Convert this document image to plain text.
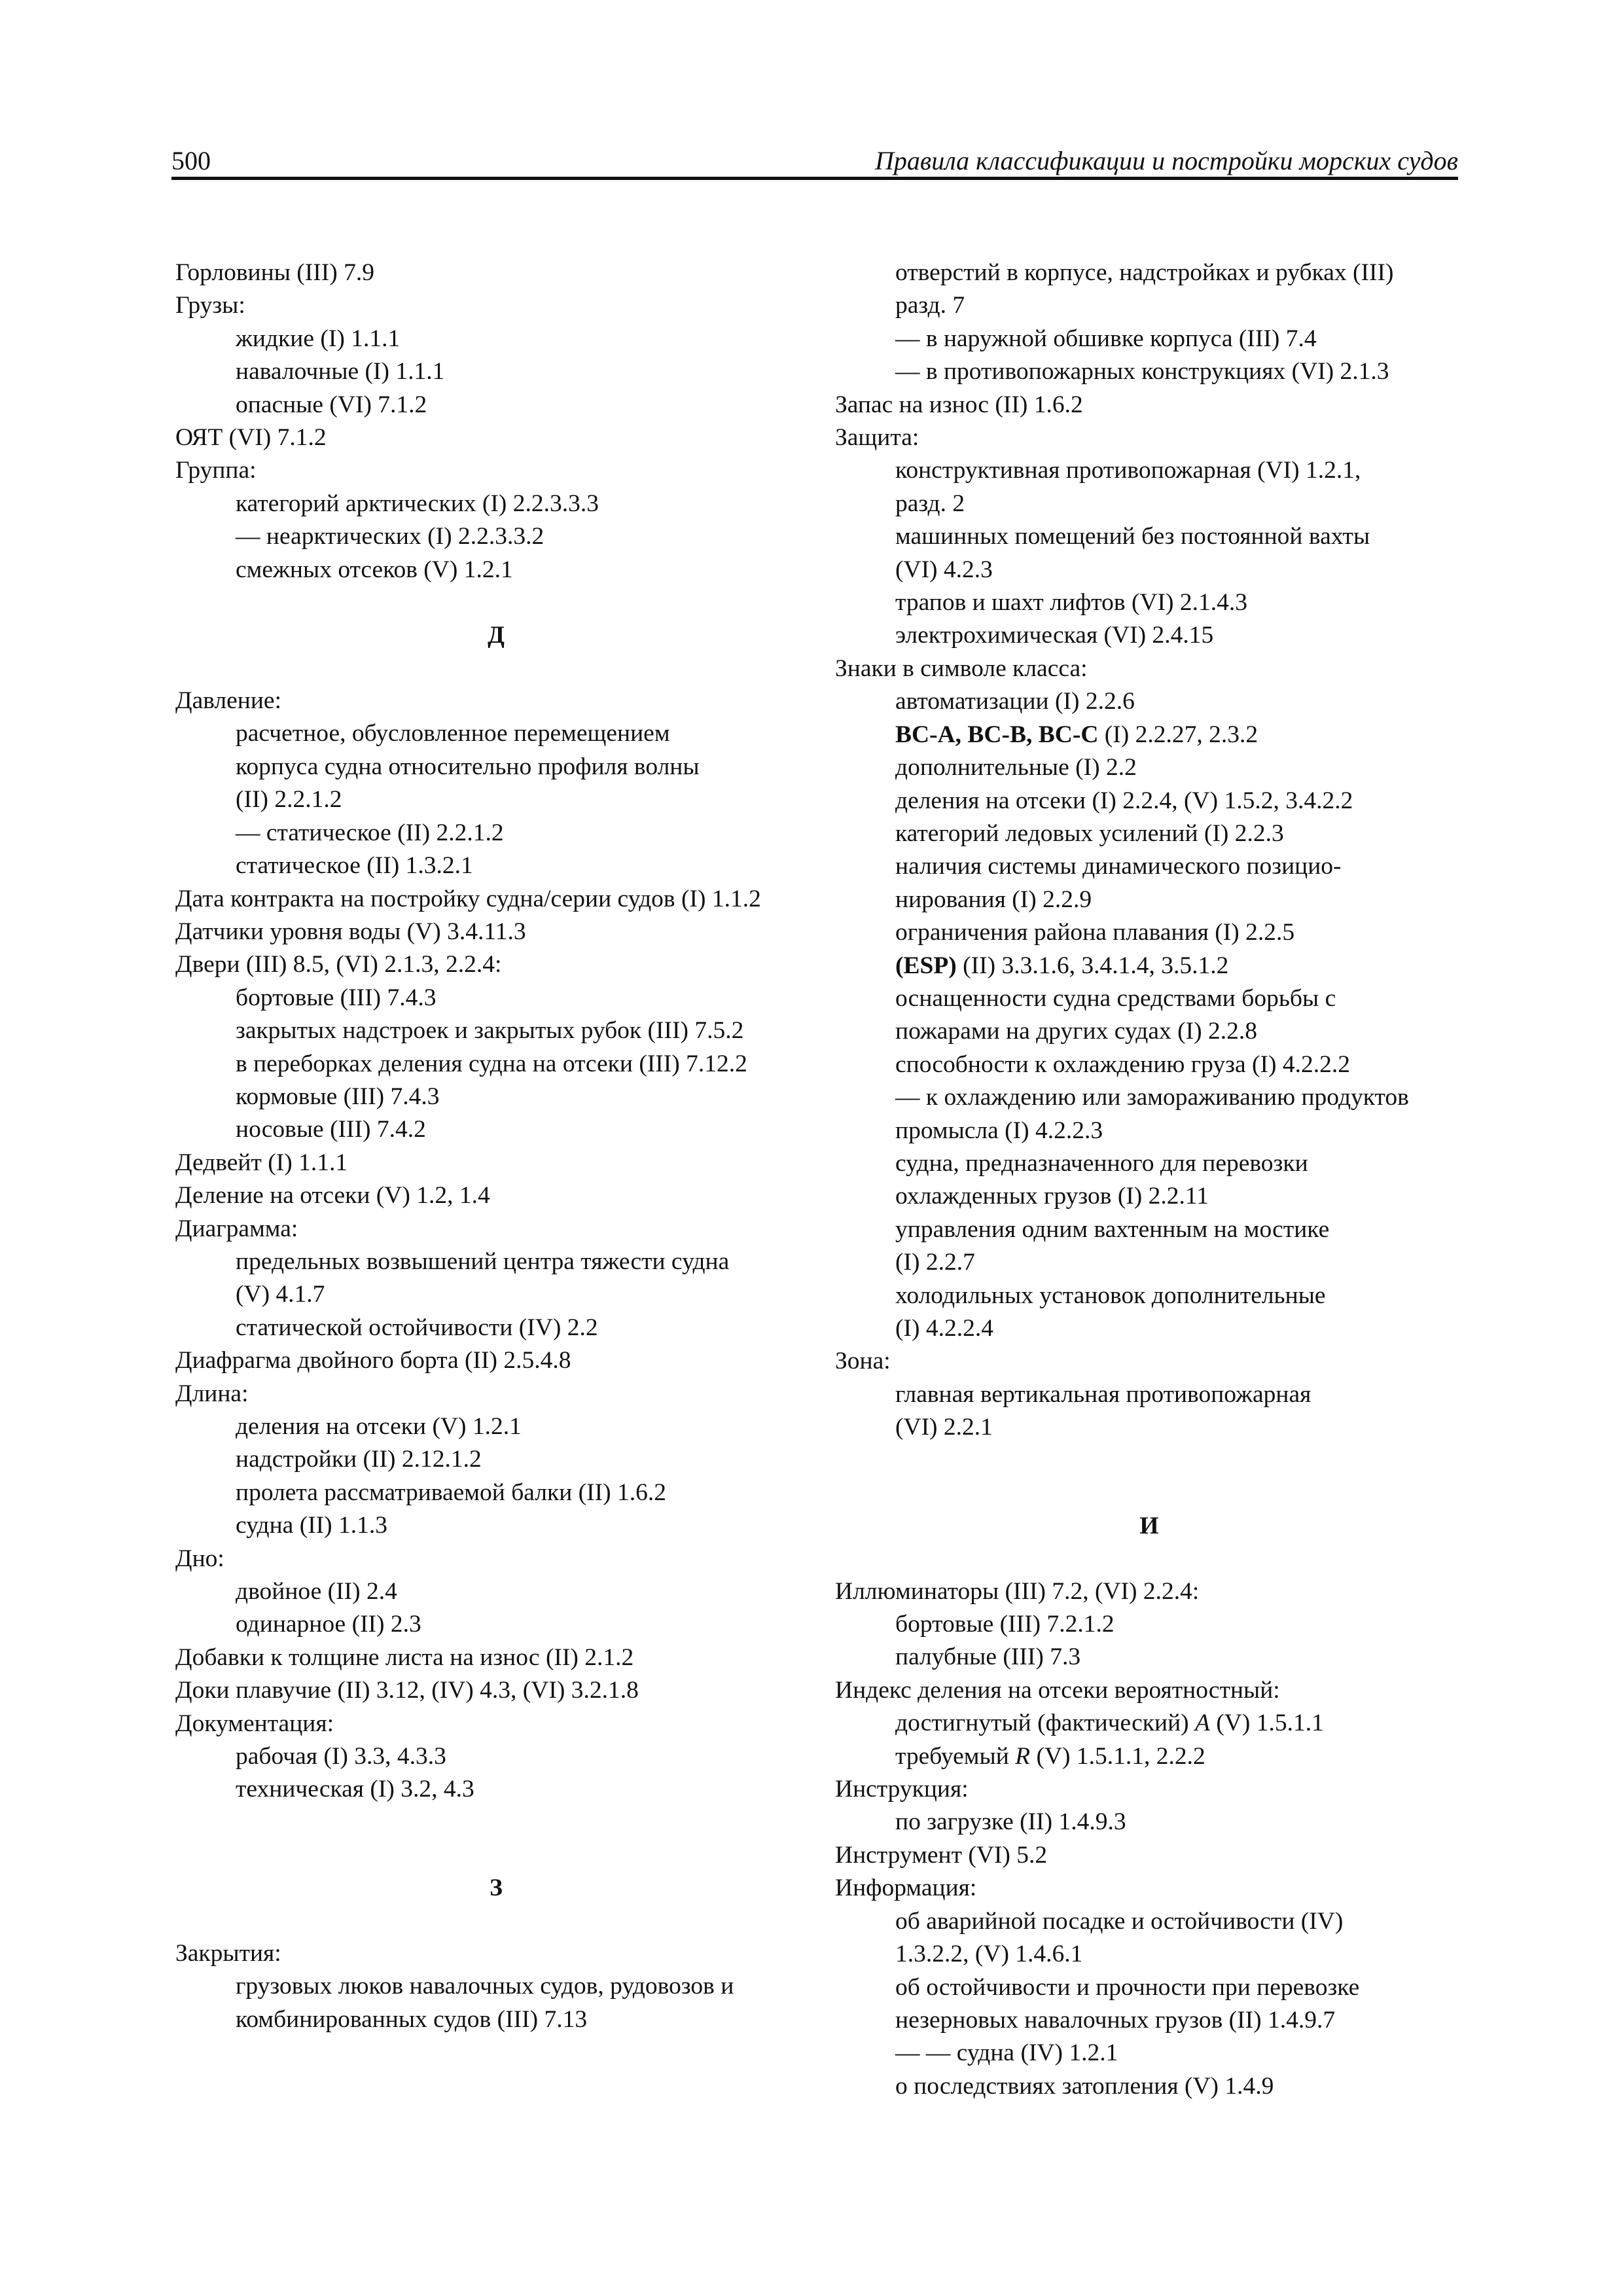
500	Правила классификации и постройки морских судов
Горловины (III) 7.9
Грузы:
жидкие (I) 1.1.1
навалочные (I) 1.1.1
опасные (VI) 7.1.2
ОЯТ (VI) 7.1.2
Группа:
категорий арктических (I) 2.2.3.3.3
— неарктических (I) 2.2.3.3.2
смежных отсеков (V) 1.2.1
Д
Давление:
расчетное, обусловленное перемещением
корпуса судна относительно профиля волны
(II) 2.2.1.2
— статическое (II) 2.2.1.2
статическое (II) 1.3.2.1
Дата контракта на постройку судна/серии судов (I) 1.1.2
Датчики уровня воды (V) 3.4.11.3
Двери (III) 8.5, (VI) 2.1.3, 2.2.4:
бортовые (III) 7.4.3
закрытых надстроек и закрытых рубок (III) 7.5.2
в переборках деления судна на отсеки (III) 7.12.2
кормовые (III) 7.4.3
носовые (III) 7.4.2
Дедвейт (I) 1.1.1
Деление на отсеки (V) 1.2, 1.4
Диаграмма:
предельных возвышений центра тяжести судна
(V) 4.1.7
статической остойчивости (IV) 2.2
Диафрагма двойного борта (II) 2.5.4.8
Длина:
деления на отсеки (V) 1.2.1
надстройки (II) 2.12.1.2
пролета рассматриваемой балки (II) 1.6.2
судна (II) 1.1.3
Дно:
двойное (II) 2.4
одинарное (II) 2.3
Добавки к толщине листа на износ (II) 2.1.2
Доки плавучие (II) 3.12, (IV) 4.3, (VI) 3.2.1.8
Документация:
рабочая (I) 3.3, 4.3.3
техническая (I) 3.2, 4.3
З
Закрытия:
грузовых люков навалочных судов, рудовозов и
комбинированных судов (III) 7.13
отверстий в корпусе, надстройках и рубках (III)
разд. 7
— в наружной обшивке корпуса (III) 7.4
— в противопожарных конструкциях (VI) 2.1.3
Запас на износ (II) 1.6.2
Защита:
конструктивная противопожарная (VI) 1.2.1,
разд. 2
машинных помещений без постоянной вахты
(VI) 4.2.3
трапов и шахт лифтов (VI) 2.1.4.3
электрохимическая (VI) 2.4.15
Знаки в символе класса:
автоматизации (I) 2.2.6
BC-A, BC-B, BC-C (I) 2.2.27, 2.3.2
дополнительные (I) 2.2
деления на отсеки (I) 2.2.4, (V) 1.5.2, 3.4.2.2
категорий ледовых усилений (I) 2.2.3
наличия системы динамического позицио-
нирования (I) 2.2.9
ограничения района плавания (I) 2.2.5
(ESP) (II) 3.3.1.6, 3.4.1.4, 3.5.1.2
оснащенности судна средствами борьбы с
пожарами на других судах (I) 2.2.8
способности к охлаждению груза (I) 4.2.2.2
— к охлаждению или замораживанию продуктов
промысла (I) 4.2.2.3
судна, предназначенного для перевозки
охлажденных грузов (I) 2.2.11
управления одним вахтенным на мостике
(I) 2.2.7
холодильных установок дополнительные
(I) 4.2.2.4
Зона:
главная вертикальная противопожарная
(VI) 2.2.1
И
Иллюминаторы (III) 7.2, (VI) 2.2.4:
бортовые (III) 7.2.1.2
палубные (III) 7.3
Индекс деления на отсеки вероятностный:
достигнутый (фактический) A (V) 1.5.1.1
требуемый R (V) 1.5.1.1, 2.2.2
Инструкция:
по загрузке (II) 1.4.9.3
Инструмент (VI) 5.2
Информация:
об аварийной посадке и остойчивости (IV)
1.3.2.2, (V) 1.4.6.1
об остойчивости и прочности при перевозке
незерновых навалочных грузов (II) 1.4.9.7
— — судна (IV) 1.2.1
о последствиях затопления (V) 1.4.9
